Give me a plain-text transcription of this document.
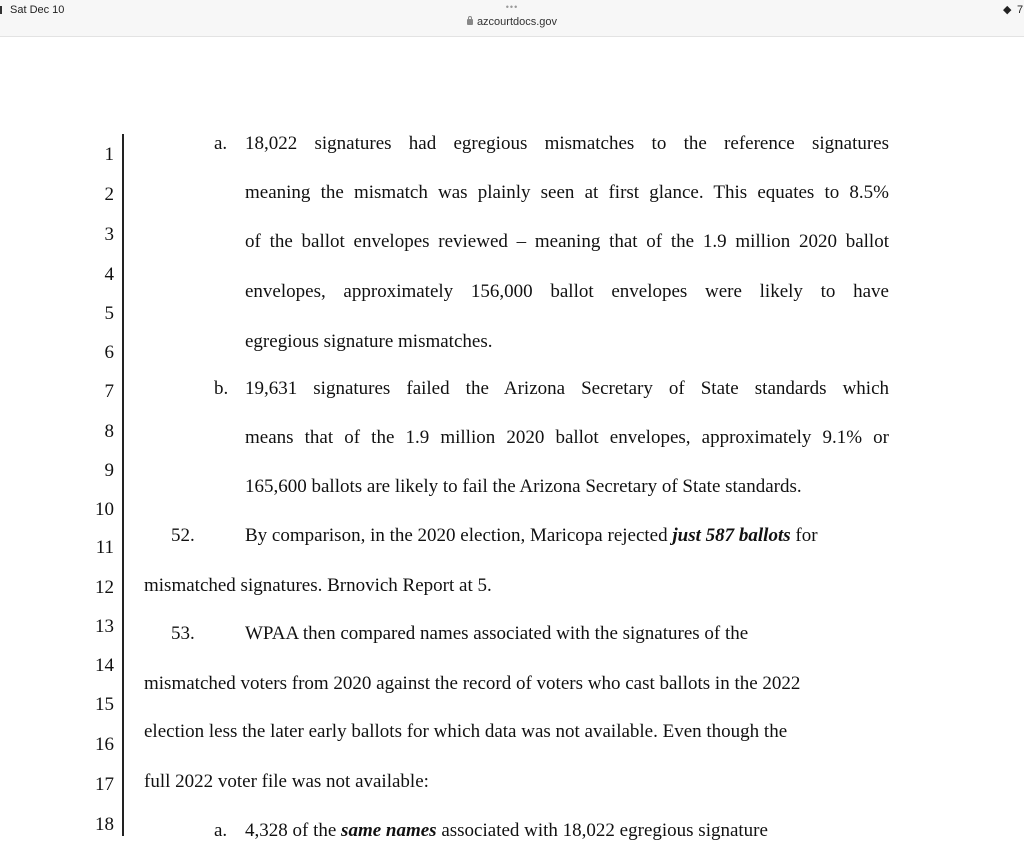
Sat Dec 10	•••
azcourtdocs.gov
◆ 7
1
2
3
4
5
6
7
8
9
10
11
12
13
14
15
16
17
18
a. 18,022 signatures had egregious mismatches to the reference signatures
meaning the mismatch was plainly seen at first glance. This equates to 8.5%
of the ballot envelopes reviewed – meaning that of the 1.9 million 2020 ballot
envelopes, approximately 156,000 ballot envelopes were likely to have
egregious signature mismatches.
b. 19,631 signatures failed the Arizona Secretary of State standards which
means that of the 1.9 million 2020 ballot envelopes, approximately 9.1% or
165,600 ballots are likely to fail the Arizona Secretary of State standards.
52.	By comparison, in the 2020 election, Maricopa rejected just 587 ballots for
mismatched signatures. Brnovich Report at 5.
53.	WPAA then compared names associated with the signatures of the
mismatched voters from 2020 against the record of voters who cast ballots in the 2022
election less the later early ballots for which data was not available. Even though the
full 2022 voter file was not available:
a. 4,328 of the same names associated with 18,022 egregious signature
